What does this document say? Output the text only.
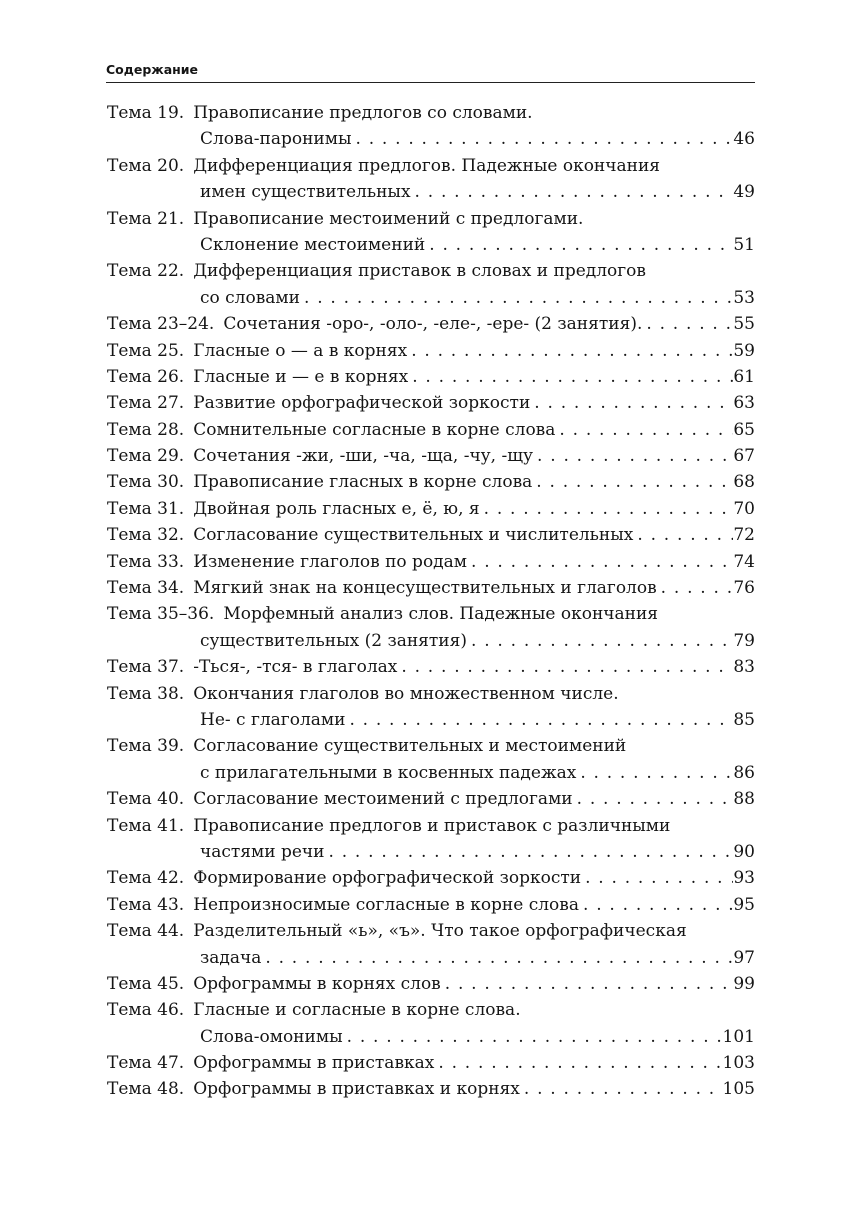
Содержание
Тема 19. Правописание предлогов со словами.
Слова-паронимы . . .	46
Тема 20. Дифференциация предлогов. Падежные окончания
имен существительных . . .	49
Тема 21. Правописание местоимений с предлогами.
Склонение местоимений . . .	51
Тема 22. Дифференциация приставок в словах и предлогов
со словами . . .	53
Тема 23–24. Сочетания -оро-, -оло-, -еле-, -ере- (2 занятия). . . .	55
Тема 25. Гласные о — а в корнях . . .	59
Тема 26. Гласные и — е в корнях . . .	61
Тема 27. Развитие орфографической зоркости . . .	63
Тема 28. Сомнительные согласные в корне слова . . .	65
Тема 29. Сочетания -жи, -ши, -ча, -ща, -чу, -щу . . .	67
Тема 30. Правописание гласных в корне слова . . .	68
Тема 31. Двойная роль гласных е, ё, ю, я . . .	70
Тема 32. Согласование существительных и числительных . . .	72
Тема 33. Изменение глаголов по родам . . .	74
Тема 34. Мягкий знак на концесуществительных и глаголов . . .	76
Тема 35–36. Морфемный анализ слов. Падежные окончания
существительных (2 занятия) . . .	79
Тема 37. -Ться-, -тся- в глаголах . . .	83
Тема 38. Окончания глаголов во множественном числе.
Не- с глаголами . . .	85
Тема 39. Согласование существительных и местоимений
с прилагательными в косвенных падежах . . .	86
Тема 40. Согласование местоимений с предлогами . . .	88
Тема 41. Правописание предлогов и приставок с различными
частями речи . . .	90
Тема 42. Формирование орфографической зоркости . . .	93
Тема 43. Непроизносимые согласные в корне слова . . .	95
Тема 44. Разделительный «ь», «ъ». Что такое орфографическая
задача . . .	97
Тема 45. Орфограммы в корнях слов . . .	99
Тема 46. Гласные и согласные в корне слова.
Слова-омонимы . . .	101
Тема 47. Орфограммы в приставках . . .	103
Тема 48. Орфограммы в приставках и корнях . . .	105
